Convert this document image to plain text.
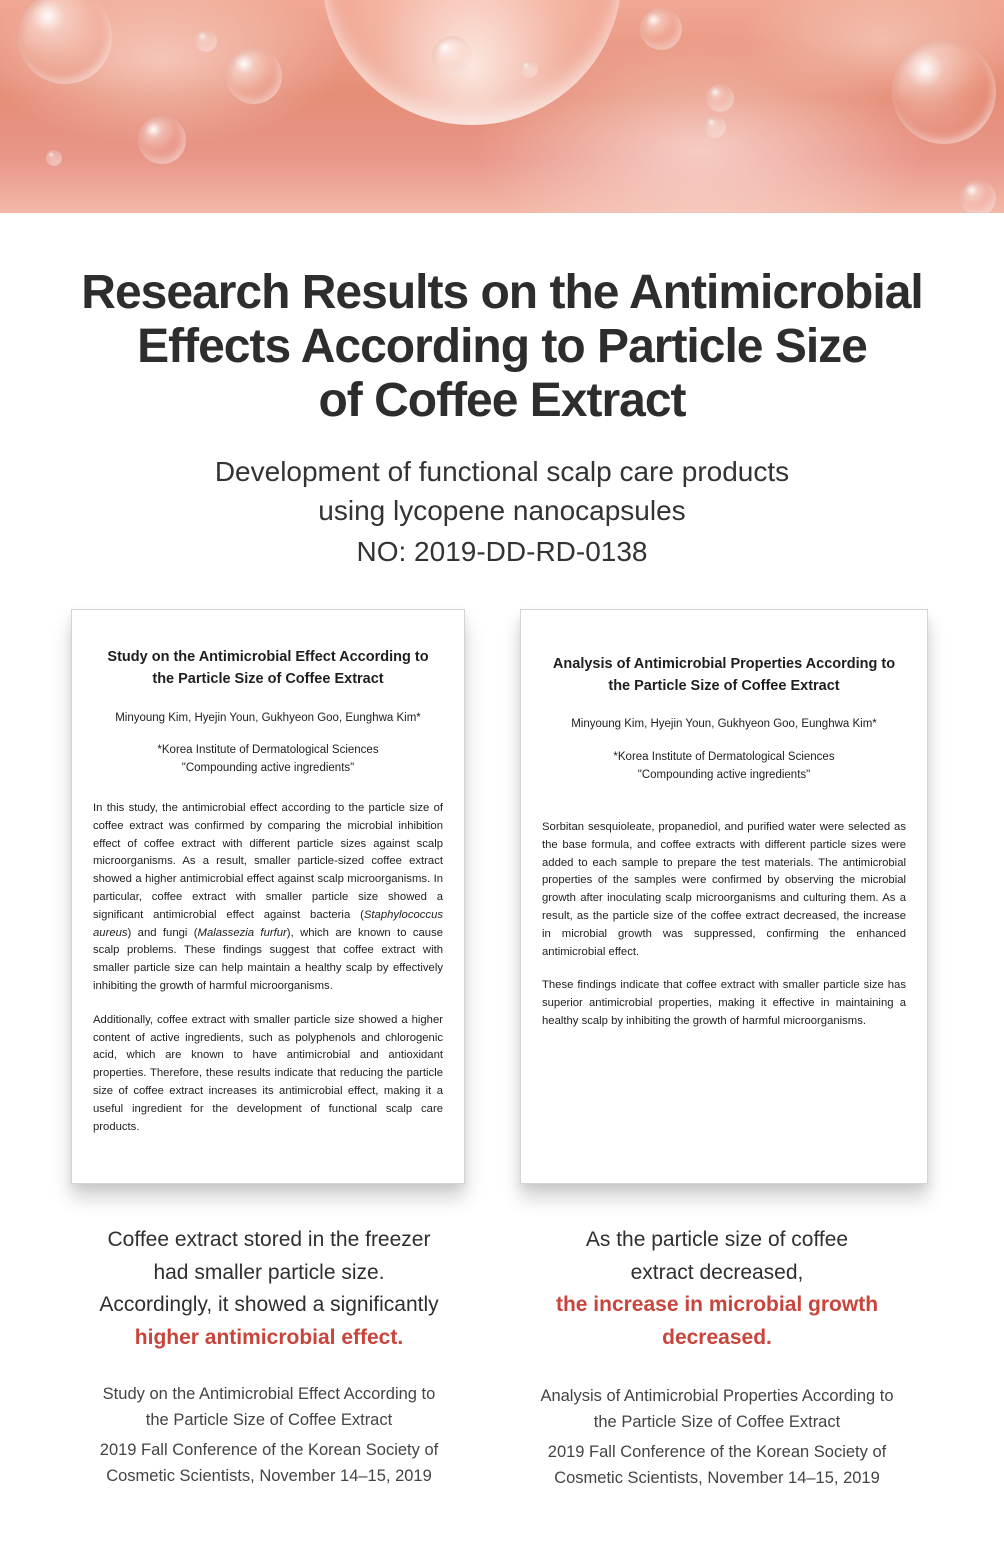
Research Results on the Antimicrobial
Effects According to Particle Size
of Coffee Extract
Development of functional scalp care products
using lycopene nanocapsules
NO: 2019-DD-RD-0138
Study on the Antimicrobial Effect According to
the Particle Size of Coffee Extract
Minyoung Kim, Hyejin Youn, Gukhyeon Goo, Eunghwa Kim*
*Korea Institute of Dermatological Sciences
"Compounding active ingredients"

In this study, the antimicrobial effect according to the particle size of coffee extract was confirmed by comparing the microbial inhibition effect of coffee extract with different particle sizes against scalp microorganisms. As a result, smaller particle-sized coffee extract showed a higher antimicrobial effect against scalp microorganisms. In particular, coffee extract with smaller particle size showed a significant antimicrobial effect against bacteria (Staphylococcus aureus) and fungi (Malassezia furfur), which are known to cause scalp problems. These findings suggest that coffee extract with smaller particle size can help maintain a healthy scalp by effectively inhibiting the growth of harmful microorganisms.

Additionally, coffee extract with smaller particle size showed a higher content of active ingredients, such as polyphenols and chlorogenic acid, which are known to have antimicrobial and antioxidant properties. Therefore, these results indicate that reducing the particle size of coffee extract increases its antimicrobial effect, making it a useful ingredient for the development of functional scalp care products.

Analysis of Antimicrobial Properties According to
the Particle Size of Coffee Extract
Minyoung Kim, Hyejin Youn, Gukhyeon Goo, Eunghwa Kim*
*Korea Institute of Dermatological Sciences
"Compounding active ingredients"

Sorbitan sesquioleate, propanediol, and purified water were selected as the base formula, and coffee extracts with different particle sizes were added to each sample to prepare the test materials. The antimicrobial properties of the samples were confirmed by observing the microbial growth after inoculating scalp microorganisms and culturing them. As a result, as the particle size of the coffee extract decreased, the increase in microbial growth was suppressed, confirming the enhanced antimicrobial effect.

These findings indicate that coffee extract with smaller particle size has superior antimicrobial properties, making it effective in maintaining a healthy scalp by inhibiting the growth of harmful microorganisms.

Coffee extract stored in the freezer
had smaller particle size.
Accordingly, it showed a significantly
higher antimicrobial effect.
As the particle size of coffee
extract decreased,
the increase in microbial growth
decreased.
Study on the Antimicrobial Effect According to
the Particle Size of Coffee Extract
2019 Fall Conference of the Korean Society of
Cosmetic Scientists, November 14–15, 2019
Analysis of Antimicrobial Properties According to
the Particle Size of Coffee Extract
2019 Fall Conference of the Korean Society of
Cosmetic Scientists, November 14–15, 2019
